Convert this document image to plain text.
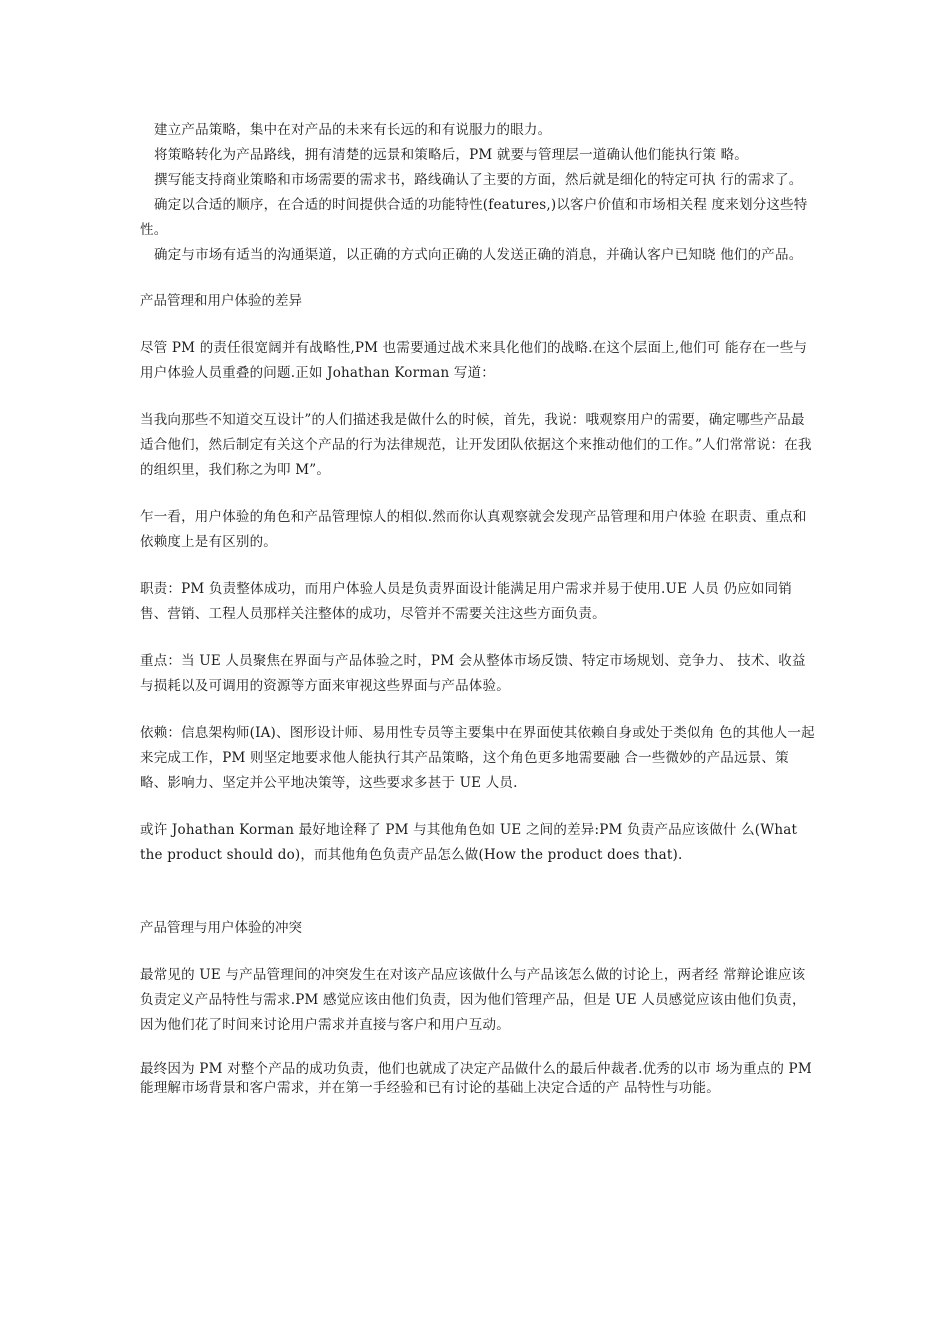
建立产品策略，集中在对产品的未来有长远的和有说服力的眼力。

将策略转化为产品路线，拥有清楚的远景和策略后，PM 就要与管理层一道确认他们能执行策 略。

撰写能支持商业策略和市场需要的需求书，路线确认了主要的方面，然后就是细化的特定可执 行的需求了。

确定以合适的顺序，在合适的时间提供合适的功能特性(features,)以客户价值和市场相关程 度来划分这些特性。

确定与市场有适当的沟通渠道，以正确的方式向正确的人发送正确的消息，并确认客户已知晓 他们的产品。

产品管理和用户体验的差异

尽管 PM 的责任很宽阔并有战略性,PM 也需要通过战术来具化他们的战略.在这个层面上,他们可 能存在一些与用户体验人员重叠的问题.正如 Johathan Korman 写道：

当我向那些不知道交互设计”的人们描述我是做什么的时候，首先，我说：哦观察用户的需要，确定哪些产品最适合他们，然后制定有关这个产品的行为法律规范，让开发团队依据这个来推动他们的工作。”人们常常说：在我的组织里，我们称之为叩 M”。

乍一看，用户体验的角色和产品管理惊人的相似.然而你认真观察就会发现产品管理和用户体验 在职责、重点和依赖度上是有区别的。

职责：PM 负责整体成功，而用户体验人员是负责界面设计能满足用户需求并易于使用.UE 人员 仍应如同销售、营销、工程人员那样关注整体的成功，尽管并不需要关注这些方面负责。

重点：当 UE 人员聚焦在界面与产品体验之时，PM 会从整体市场反馈、特定市场规划、竞争力、 技术、收益与损耗以及可调用的资源等方面来审视这些界面与产品体验。

依赖：信息架构师(IA)、图形设计师、易用性专员等主要集中在界面使其依赖自身或处于类似角 色的其他人一起来完成工作，PM 则坚定地要求他人能执行其产品策略，这个角色更多地需要融 合一些微妙的产品远景、策略、影响力、坚定并公平地决策等，这些要求多甚于 UE 人员.

或许 Johathan Korman 最好地诠释了 PM 与其他角色如 UE 之间的差异:PM 负责产品应该做什 么(What the product should do)，而其他角色负责产品怎么做(How the product does that).

产品管理与用户体验的冲突

最常见的 UE 与产品管理间的冲突发生在对该产品应该做什么与产品该怎么做的讨论上，两者经 常辩论谁应该负责定义产品特性与需求.PM 感觉应该由他们负责，因为他们管理产品，但是 UE 人员感觉应该由他们负责，因为他们花了时间来讨论用户需求并直接与客户和用户互动。

最终因为 PM 对整个产品的成功负责，他们也就成了决定产品做什么的最后仲裁者.优秀的以市 场为重点的 PM 能理解市场背景和客户需求，并在第一手经验和已有讨论的基础上决定合适的产 品特性与功能。
